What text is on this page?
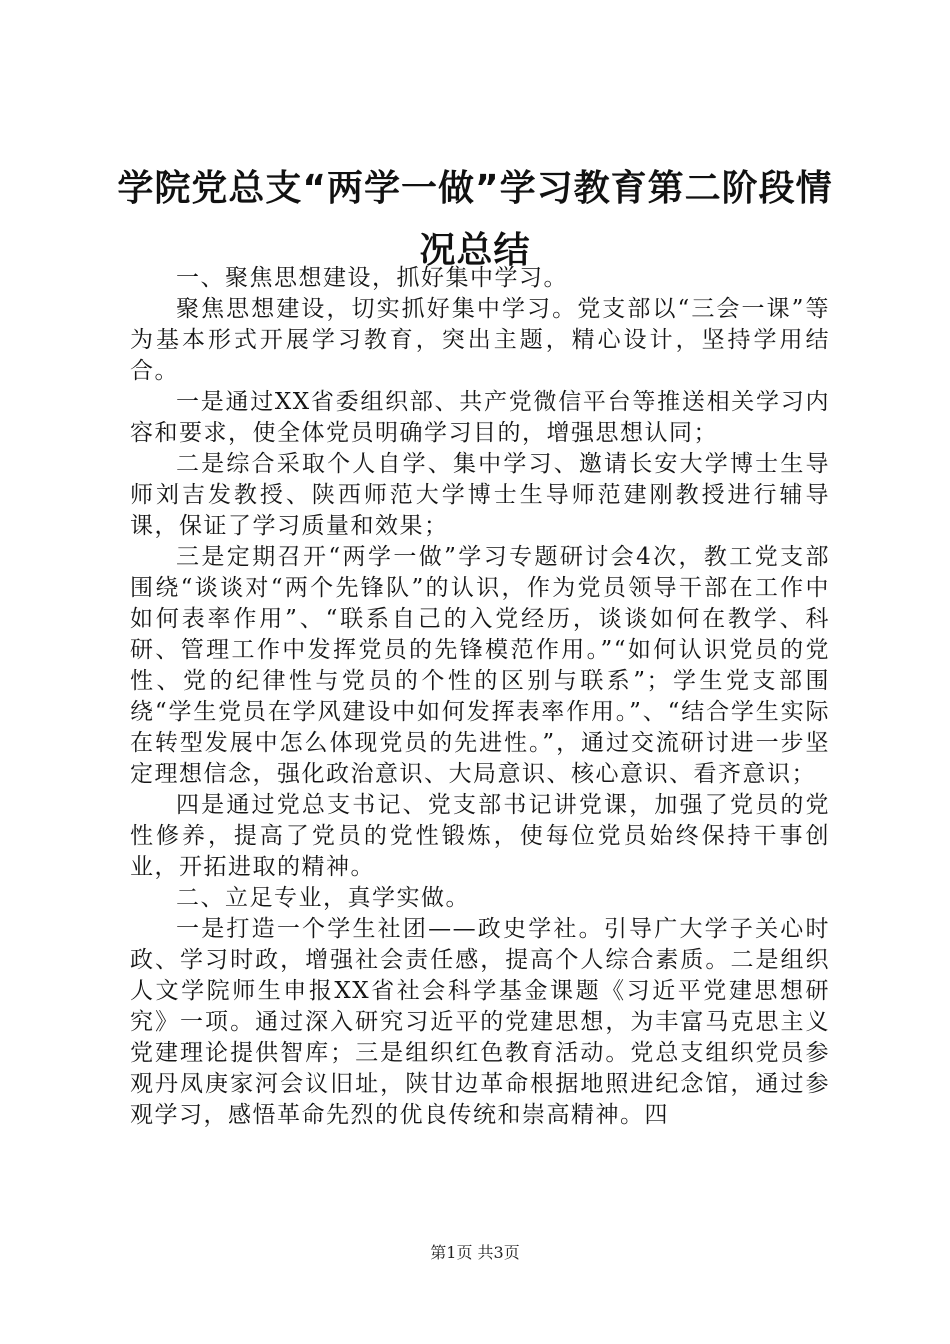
学院党总支“两学一做”学习教育第二阶段情
况总结

一、聚焦思想建设，抓好集中学习。

聚焦思想建设，切实抓好集中学习。党支部以“三会一课”等为基本形式开展学习教育，突出主题，精心设计，坚持学用结合。

一是通过XX省委组织部、共产党微信平台等推送相关学习内容和要求，使全体党员明确学习目的，增强思想认同；

二是综合采取个人自学、集中学习、邀请长安大学博士生导师刘吉发教授、陕西师范大学博士生导师范建刚教授进行辅导课，保证了学习质量和效果；

三是定期召开“两学一做”学习专题研讨会4次，教工党支部围绕“谈谈对“两个先锋队”的认识，作为党员领导干部在工作中如何表率作用”、“联系自己的入党经历，谈谈如何在教学、科研、管理工作中发挥党员的先锋模范作用。”“如何认识党员的党性、党的纪律性与党员的个性的区别与联系”；学生党支部围绕“学生党员在学风建设中如何发挥表率作用。”、“结合学生实际在转型发展中怎么体现党员的先进性。”，通过交流研讨进一步坚定理想信念，强化政治意识、大局意识、核心意识、看齐意识；

四是通过党总支书记、党支部书记讲党课，加强了党员的党性修养，提高了党员的党性锻炼，使每位党员始终保持干事创业，开拓进取的精神。

二、立足专业，真学实做。

一是打造一个学生社团——政史学社。引导广大学子关心时政、学习时政，增强社会责任感，提高个人综合素质。二是组织人文学院师生申报XX省社会科学基金课题《习近平党建思想研究》一项。通过深入研究习近平的党建思想，为丰富马克思主义党建理论提供智库；三是组织红色教育活动。党总支组织党员参观丹凤庚家河会议旧址，陕甘边革命根据地照进纪念馆，通过参观学习，感悟革命先烈的优良传统和崇高精神。四

第1页 共3页
